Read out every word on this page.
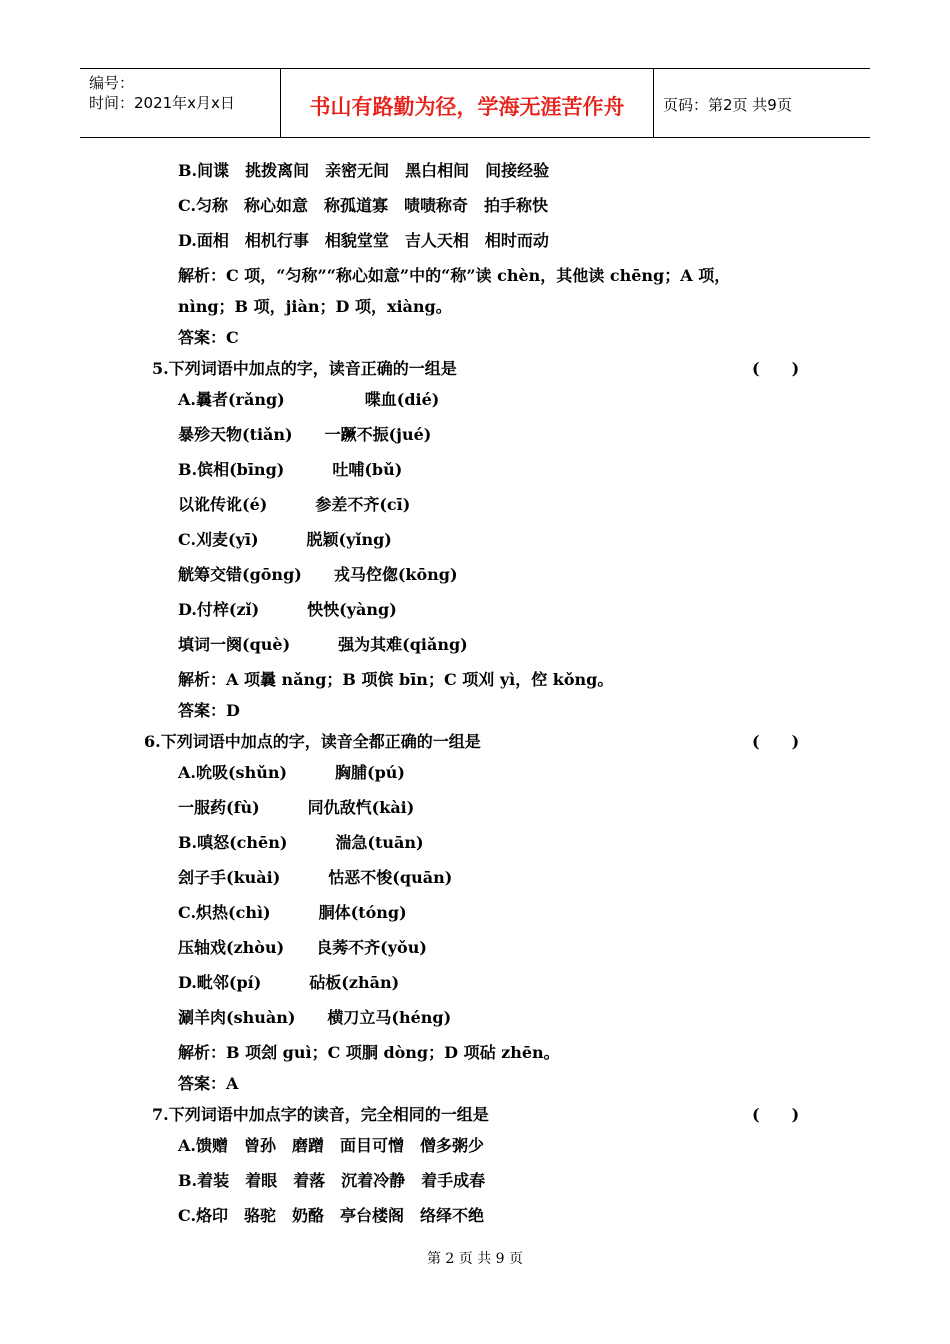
编号：
时间：2021年x月x日	书山有路勤为径，学海无涯苦作舟	页码：第2页 共9页
B.间谍　挑拨离间　亲密无间　黑白相间　间接经验
C.匀称　称心如意　称孤道寡　啧啧称奇　拍手称快
D.面相　相机行事　相貌堂堂　吉人天相　相时而动
解析：C 项，“匀称”“称心如意”中的“称”读 chèn，其他读 chēng；A 项，
nìng；B 项，jiàn；D 项，xiàng。
答案：C
5.下列词语中加点的字，读音正确的一组是	(　　)
A.曩者(rǎng)　　　　　喋血(dié)
暴殄天物(tiǎn)　　一蹶不振(jué)
B.傧相(bīng)　　　吐哺(bǔ)
以讹传讹(é)　　　参差不齐(cī)
C.刈麦(yī)　　　脱颖(yǐng)
觥筹交错(gōng)　　戎马倥偬(kōng)
D.付梓(zǐ)　　　怏怏(yàng)
填词一阕(què)　　　强为其难(qiǎng)
解析：A 项曩 nǎng；B 项傧 bīn；C 项刈 yì，倥 kǒng。
答案：D
6.下列词语中加点的字，读音全都正确的一组是	(　　)
A.吮吸(shǔn)　　　胸脯(pú)
一服药(fù)　　　同仇敌忾(kài)
B.嗔怒(chēn)　　　湍急(tuān)
刽子手(kuài)　　　怙恶不悛(quān)
C.炽热(chì)　　　胴体(tóng)
压轴戏(zhòu)　　良莠不齐(yǒu)
D.毗邻(pí)　　　砧板(zhān)
涮羊肉(shuàn)　　横刀立马(héng)
解析：B 项刽 guì；C 项胴 dòng；D 项砧 zhēn。
答案：A
7.下列词语中加点字的读音，完全相同的一组是	(　　)
A.馈赠　曾孙　磨蹭　面目可憎　僧多粥少
B.着装　着眼　着落　沉着冷静　着手成春
C.烙印　骆驼　奶酪　亭台楼阁　络绎不绝
第 2 页 共 9 页
